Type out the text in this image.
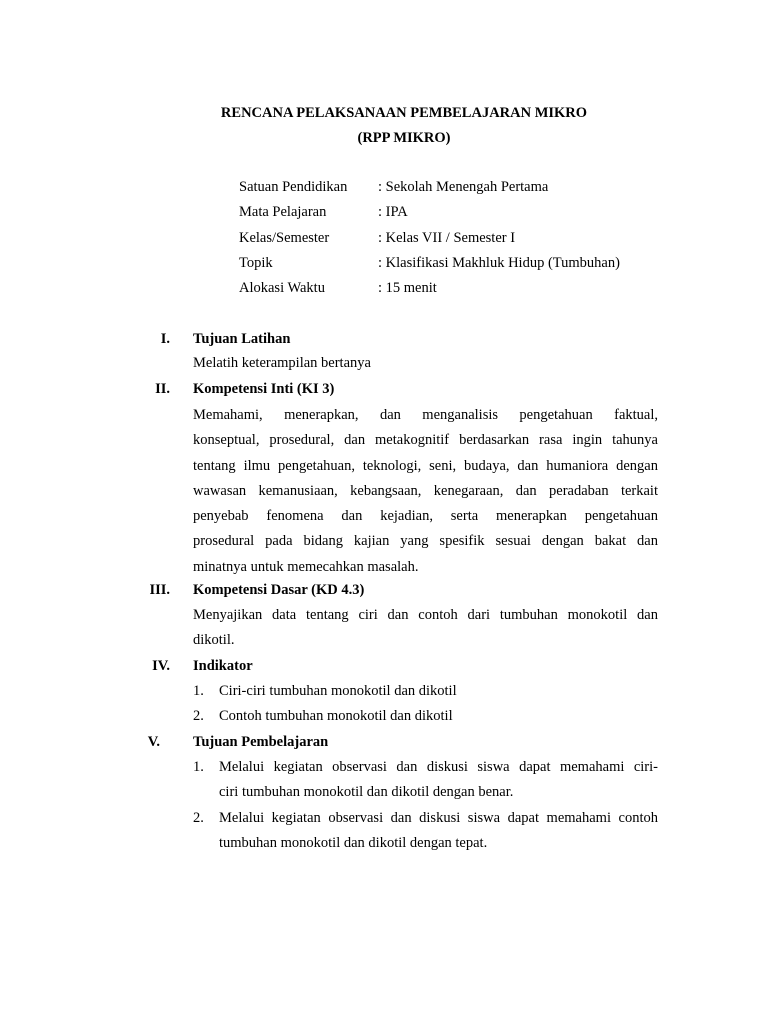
RENCANA PELAKSANAAN PEMBELAJARAN MIKRO
(RPP MIKRO)
Satuan Pendidikan	: Sekolah Menengah Pertama
Mata Pelajaran	: IPA
Kelas/Semester	: Kelas VII / Semester I
Topik	: Klasifikasi Makhluk Hidup (Tumbuhan)
Alokasi Waktu	: 15 menit
I. Tujuan Latihan
Melatih keterampilan bertanya
II. Kompetensi Inti (KI 3)
Memahami, menerapkan, dan menganalisis pengetahuan faktual,
konseptual, prosedural, dan metakognitif berdasarkan rasa ingin tahunya
tentang ilmu pengetahuan, teknologi, seni, budaya, dan humaniora dengan
wawasan kemanusiaan, kebangsaan, kenegaraan, dan peradaban terkait
penyebab fenomena dan kejadian, serta menerapkan pengetahuan
prosedural pada bidang kajian yang spesifik sesuai dengan bakat dan
minatnya untuk memecahkan masalah.
III. Kompetensi Dasar (KD 4.3)
Menyajikan data tentang ciri dan contoh dari tumbuhan monokotil dan
dikotil.
IV. Indikator
1.	Ciri-ciri tumbuhan monokotil dan dikotil
2.	Contoh tumbuhan monokotil dan dikotil
V. Tujuan Pembelajaran
1.	Melalui kegiatan observasi dan diskusi siswa dapat memahami ciri-
ciri tumbuhan monokotil dan dikotil dengan benar.
2.	Melalui kegiatan observasi dan diskusi siswa dapat memahami contoh
tumbuhan monokotil dan dikotil dengan tepat.
